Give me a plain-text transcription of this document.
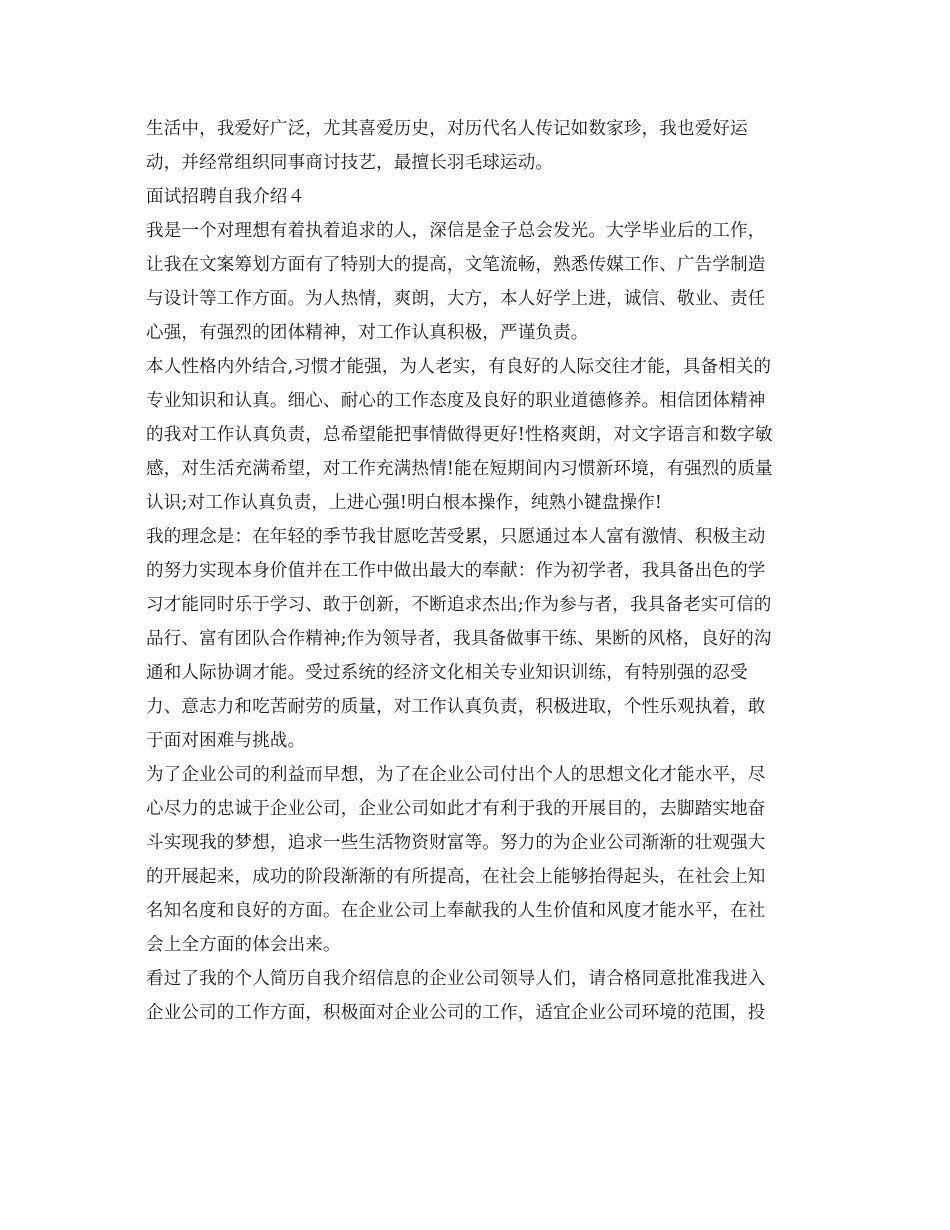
生活中，我爱好广泛，尤其喜爱历史，对历代名人传记如数家珍，我也爱好运
动，并经常组织同事商讨技艺，最擅长羽毛球运动。
面试招聘自我介绍４
我是一个对理想有着执着追求的人，深信是金子总会发光。大学毕业后的工作，
让我在文案筹划方面有了特别大的提高，文笔流畅，熟悉传媒工作、广告学制造
与设计等工作方面。为人热情，爽朗，大方，本人好学上进，诚信、敬业、责任
心强，有强烈的团体精神，对工作认真积极，严谨负责。
本人性格内外结合,习惯才能强，为人老实，有良好的人际交往才能，具备相关的
专业知识和认真。细心、耐心的工作态度及良好的职业道德修养。相信团体精神
的我对工作认真负责，总希望能把事情做得更好!性格爽朗，对文字语言和数字敏
感，对生活充满希望，对工作充满热情!能在短期间内习惯新环境，有强烈的质量
认识;对工作认真负责，上进心强!明白根本操作，纯熟小键盘操作!
我的理念是：在年轻的季节我甘愿吃苦受累，只愿通过本人富有激情、积极主动
的努力实现本身价值并在工作中做出最大的奉献：作为初学者，我具备出色的学
习才能同时乐于学习、敢于创新，不断追求杰出;作为参与者，我具备老实可信的
品行、富有团队合作精神;作为领导者，我具备做事干练、果断的风格，良好的沟
通和人际协调才能。受过系统的经济文化相关专业知识训练，有特别强的忍受
力、意志力和吃苦耐劳的质量，对工作认真负责，积极进取，个性乐观执着，敢
于面对困难与挑战。
为了企业公司的利益而早想，为了在企业公司付出个人的思想文化才能水平，尽
心尽力的忠诚于企业公司，企业公司如此才有利于我的开展目的，去脚踏实地奋
斗实现我的梦想，追求一些生活物资财富等。努力的为企业公司渐渐的壮观强大
的开展起来，成功的阶段渐渐的有所提高，在社会上能够抬得起头，在社会上知
名知名度和良好的方面。在企业公司上奉献我的人生价值和风度才能水平，在社
会上全方面的体会出来。
看过了我的个人简历自我介绍信息的企业公司领导人们，请合格同意批准我进入
企业公司的工作方面，积极面对企业公司的工作，适宜企业公司环境的范围，投
